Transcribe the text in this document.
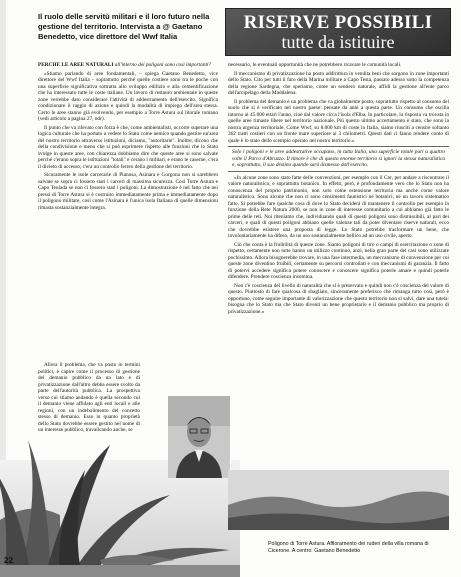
Il ruolo delle servitù militari e il loro futuro nella gestione del territorio. Intervista a @ Gaetano Benedetto, vice direttore del Wwf Italia
RISERVE POSSIBILI
tutte da istituire

PERCHÉ LE AREE NATURALI all'interno dei poligoni sono così importanti?

«Stiamo parlando di aree fondamentali, – spiega Gaetano Benedetto, vice direttore del Wwf Italia – soprattutto perché quelle costiere sono tra le poche con una superficie significativa sottratta allo sviluppo edilizio e alla cementificazione che ha interessato tutte le coste italiane. Un lavoro di restauro ambientale in queste zone verrebbe dato considerare l'attività di addestramento dell'esercito. Significa condizionare il raggio di azione e quindi la modalità di impiego dell'area stessa. Certo le aree stanno già evolvendo, per esempio a Torre Astura sul litorale romano (vedi articolo a pagina 27, ndr).

Il punto che va rilevato con forza è che, come ambientalisti, occorre superare una logica culturale che ha portato a vedere lo Stato come nemico quando gestire un'area del nostro territorio attraverso istituzioni, diciamo, "autoritarie". Inoltre, dicono che della condivisione e meno che si può esprimere rispetto alle funzioni che lo Stato svolge in queste aree, con chiarezza dobbiamo dire che queste aree si sono salvate perché c'erano sopra le istituzioni "totali" e cerano i militari, e erano le caserne, c'era il divieto di accesso, c'era un controllo ferreo della gestione del territorio.

Sicuramente le isole carcerarie di Pianosa, Asinara e Gorgona non si sarebbero salvate se sopra ci fossero stati i carceri di massima sicurezza. Così Torre Astura e Capo Teulada se non ci fossero stati i poligoni. La dimostrazione è nel fatto che nei pressi di Torre Astura si è costruito immediatamente prima e immediatamente dopo il poligono militare, così come l'Asinara è l'unica isola Italiana di quelle dimensioni rimasta sostanzialmente integra.

Allora il problema, che va posto in termini politici, è capire come il processo di gestione del demanio pubblico da un lato e di privatizzazione dall'altro debba essere svolto da parte dell'autorità pubblica. La prospettiva verso cui stiamo andando è quella secondo cui il demanio viene affidato agli enti locali e alle regioni, con un indebolimento del concetto stesso di demanio. Esso in quanto proprietà dello Stato dovrebbe essere gestito nel nome di un interesse pubblico, travalicando anche, se

necessario, le eventuali opportunità che ne potrebbero ricavare le comunità locali.

Il meccanismo di privatizzazione ha posto addirittura in vendita beni che sorgono in zone importanti dello Stato. Cito per tutti il faro della Marina militare a Capo Testa, passato adesso sotto la competenza della regione Sardegna, che speriamo, come un sentiero naturale, affidi la gestione all'ente parco dell'arcipelago della Maddalena.

Il problema del demanio è un problema che va globalmente posto, soprattutto rispetto al consumo del suolo che si è verificato nel nostro paese: pensate da anni a questa parte. Un consumo che oscilla intorno ai 45.000 ettari l'anno, cioè dal valore circa l'isola d'Elba. In particolare, la risposta va trovata in quelle aree rimaste libere nel territorio nazionale. Più questo ultimo accertamento è stato, che sono la nostra urgenza territoriale. Come Wwf, su 8.000 km di coste in Italia, siamo riusciti a censire soltanto 362 tratti costieri con un fronte mare superiore ai 3 chilometri. Questi dati ci fanno rendere conto di quale è lo stato dello scempio operato nel nostro territorio.»

Solo i poligoni e le aree addestrative occupano, in tutta Italia, una superficie totale pari a quattro volte il Parco d'Abruzzo. Il timore è che di questo enorme territorio si ignori la stessa naturalistica e, soprattutto, il suo destino quando sarà dismesso dall'esercito.

«In alcune zone sono stato fatte delle convenzioni, per esempio con il Cnr, per andare a riscontrare il valore naturalistico, e soprattutto botanico. In effetti, però, è profondamente vero che lo Stato non ha conoscenza del proprio patrimonio, non solo come estensione territoria ma anche come valore naturalistico. Sono alcune che non ci sono censimenti faunistici né botanici, né un lavoro sistematico fatto. Si potrebbe fare qualche cosa di dove lo Stato deciderà di mantenere il controllo per esempio in funzione della Rete Natura 2000, se non in zone di interesse comunitario a cui abbiamo già fatto le prime delle reti. Noi riteniamo che, individuando quali di questi poligoni sono dismissibili, al pari dei carceri, e quali di questi poligoni abbiano quelle valenze tali da poter diventare riserve naturali, ecco che dovrebbe esistere una proposta di legge. Lo Stato potrebbe trasformare un bene, che involontariamente ha difeso, da un uso sostanzialmente bellico ad un uso civile, aperto.

Ciò che conta è la fruibilità di queste zone. Siamo poligoni di tiro o campi di esercitazione o zone di rispetto, certamente non tutte hanno un utilizzo continuo, anzi, nella gran parte dei casi sono utilizzate pochissimo. Allora bisognerebbe trovare, in una fase intermedia, un meccanismo di convenzione per cui queste zone diventino fruibili, certamente su percorsi controllati e con meccanismi di garanzia. Il fatto di potervi accedere significa potere conoscere e conoscere significa poterle amare e quindi poterle difendere. Prendere coscienza insomma.

Non c'è coscienza del livello di naturalità che si è preservato e quindi non c'è coscienza del valore di questo. Piuttosto di fare qualcosa di sbagliato, sinceramente preferisco che rimanga tutto così, però è opportuno, come seguire importante di valorizzazione che questo territorio non si salvi, dare una tutela: bisogna che lo Stato ma che Stato diventi un bene proprietario e il demanio pubblico ma proprio di privatizzazione.»

Poligono di Torre Astura. Affioramento dei ruderi della villa romana di Cicerone. A centro: Gaetano Benedetto
22
